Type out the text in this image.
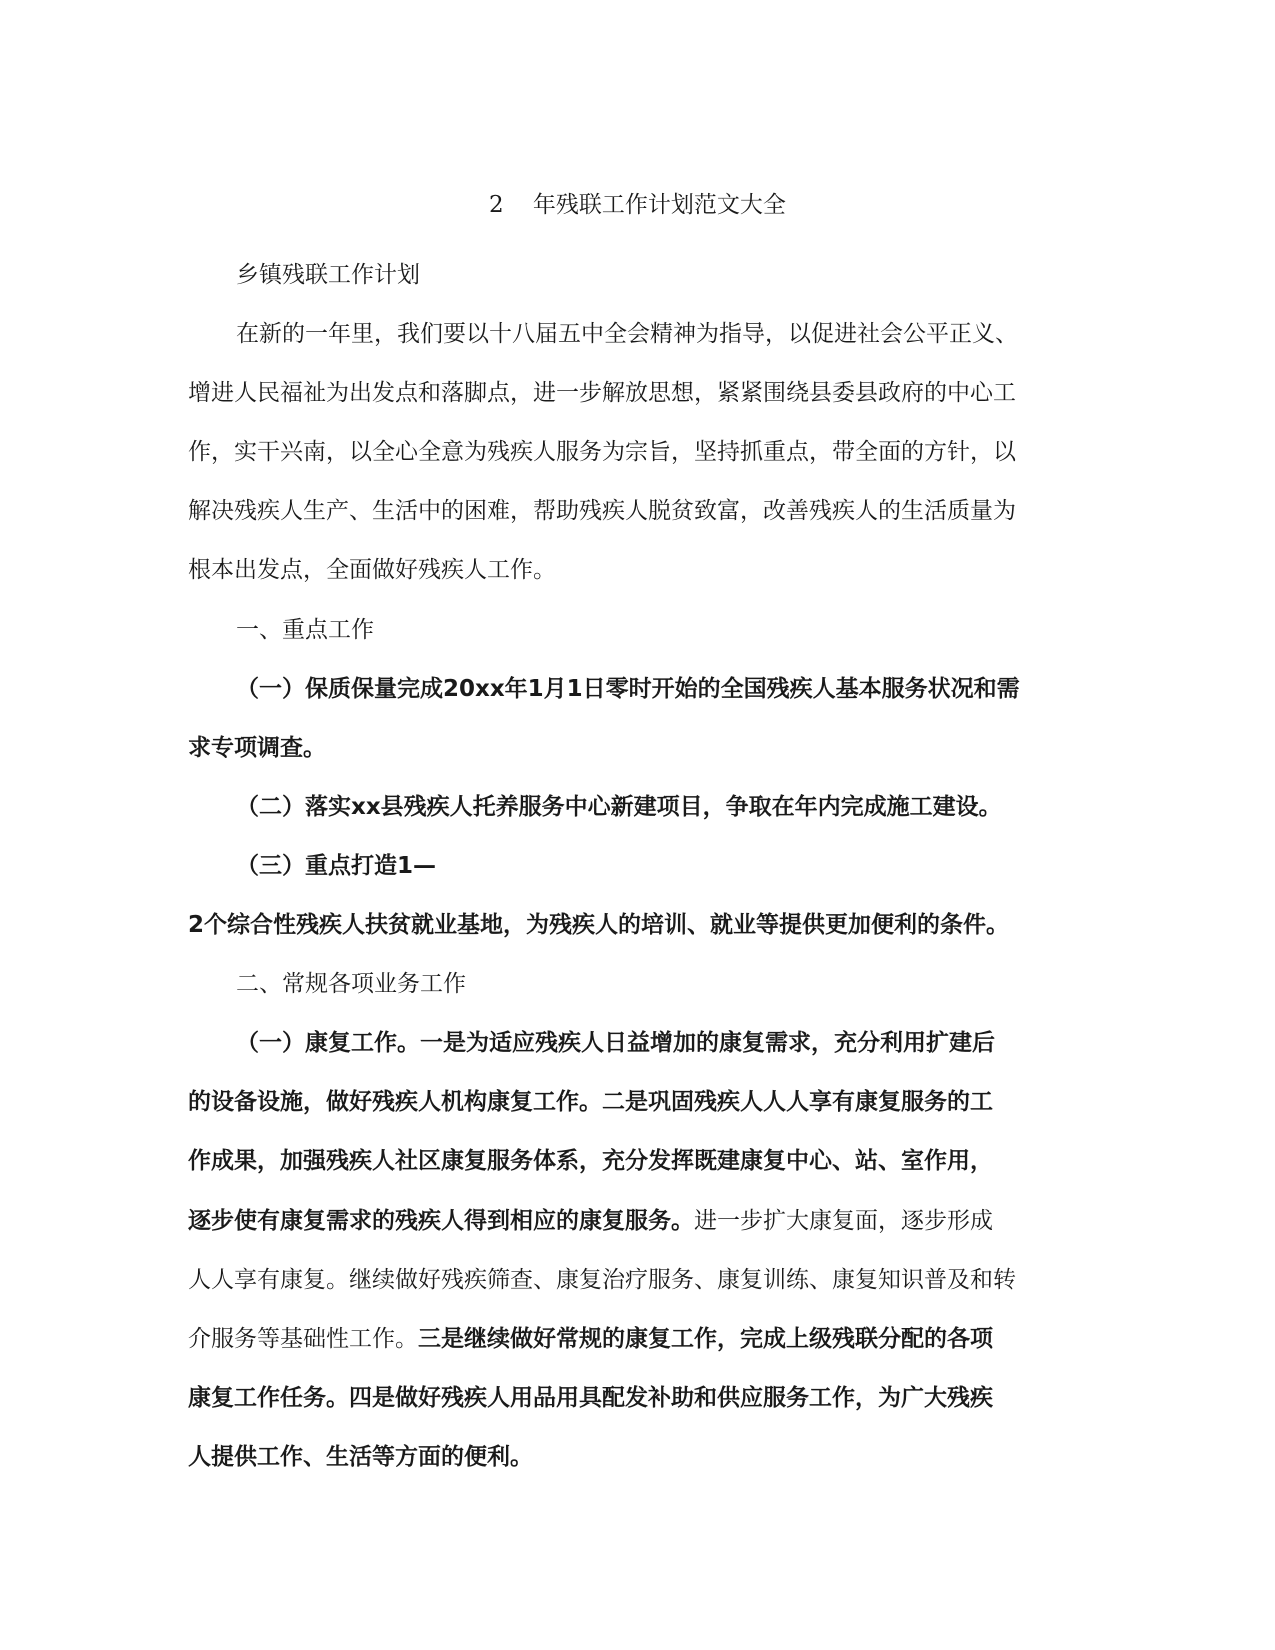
2    年残联工作计划范文大全
乡镇残联工作计划
在新的一年里，我们要以十八届五中全会精神为指导，以促进社会公平正义、
增进人民福祉为出发点和落脚点，进一步解放思想，紧紧围绕县委县政府的中心工
作，实干兴南，以全心全意为残疾人服务为宗旨，坚持抓重点，带全面的方针，以
解决残疾人生产、生活中的困难，帮助残疾人脱贫致富，改善残疾人的生活质量为
根本出发点，全面做好残疾人工作。
一、重点工作
（一）保质保量完成20xx年1月1日零时开始的全国残疾人基本服务状况和需
求专项调查。
（二）落实xx县残疾人托养服务中心新建项目，争取在年内完成施工建设。
（三）重点打造1—
2个综合性残疾人扶贫就业基地，为残疾人的培训、就业等提供更加便利的条件。
二、常规各项业务工作
（一）康复工作。一是为适应残疾人日益增加的康复需求，充分利用扩建后
的设备设施，做好残疾人机构康复工作。二是巩固残疾人人人享有康复服务的工
作成果，加强残疾人社区康复服务体系，充分发挥既建康复中心、站、室作用，
逐步使有康复需求的残疾人得到相应的康复服务。进一步扩大康复面，逐步形成
人人享有康复。继续做好残疾筛查、康复治疗服务、康复训练、康复知识普及和转
介服务等基础性工作。三是继续做好常规的康复工作，完成上级残联分配的各项
康复工作任务。四是做好残疾人用品用具配发补助和供应服务工作，为广大残疾
人提供工作、生活等方面的便利。
